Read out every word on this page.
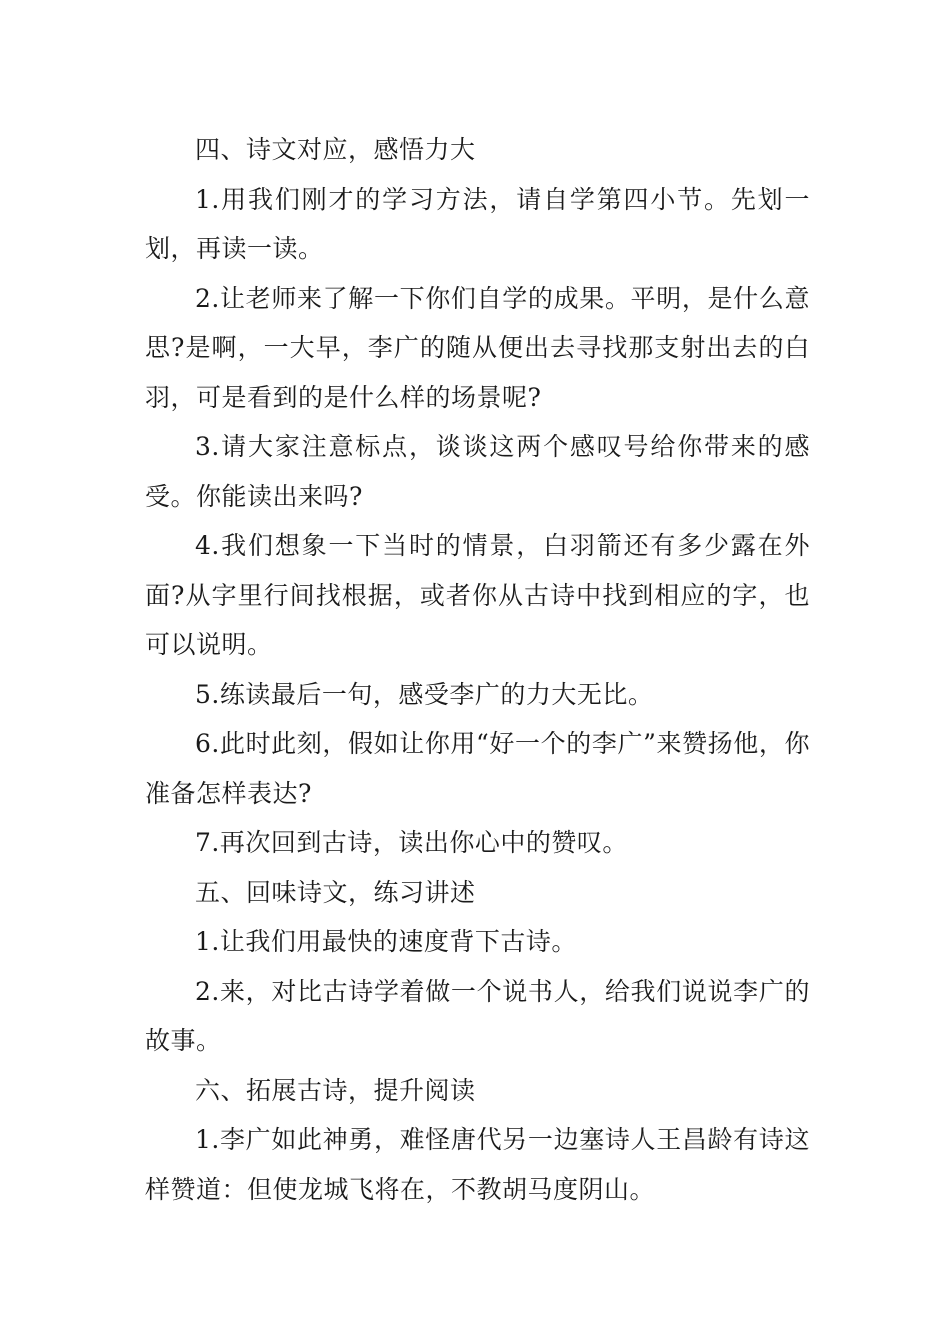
四、诗文对应，感悟力大

1.用我们刚才的学习方法，请自学第四小节。先划一划，再读一读。

2.让老师来了解一下你们自学的成果。平明，是什么意思?是啊，一大早，李广的随从便出去寻找那支射出去的白羽，可是看到的是什么样的场景呢?

3.请大家注意标点，谈谈这两个感叹号给你带来的感受。你能读出来吗?

4.我们想象一下当时的情景，白羽箭还有多少露在外面?从字里行间找根据，或者你从古诗中找到相应的字，也可以说明。

5.练读最后一句，感受李广的力大无比。

6.此时此刻，假如让你用“好一个的李广”来赞扬他，你准备怎样表达?

7.再次回到古诗，读出你心中的赞叹。

五、回味诗文，练习讲述

1.让我们用最快的速度背下古诗。

2.来，对比古诗学着做一个说书人，给我们说说李广的故事。

六、拓展古诗，提升阅读

1.李广如此神勇，难怪唐代另一边塞诗人王昌龄有诗这样赞道：但使龙城飞将在，不教胡马度阴山。
